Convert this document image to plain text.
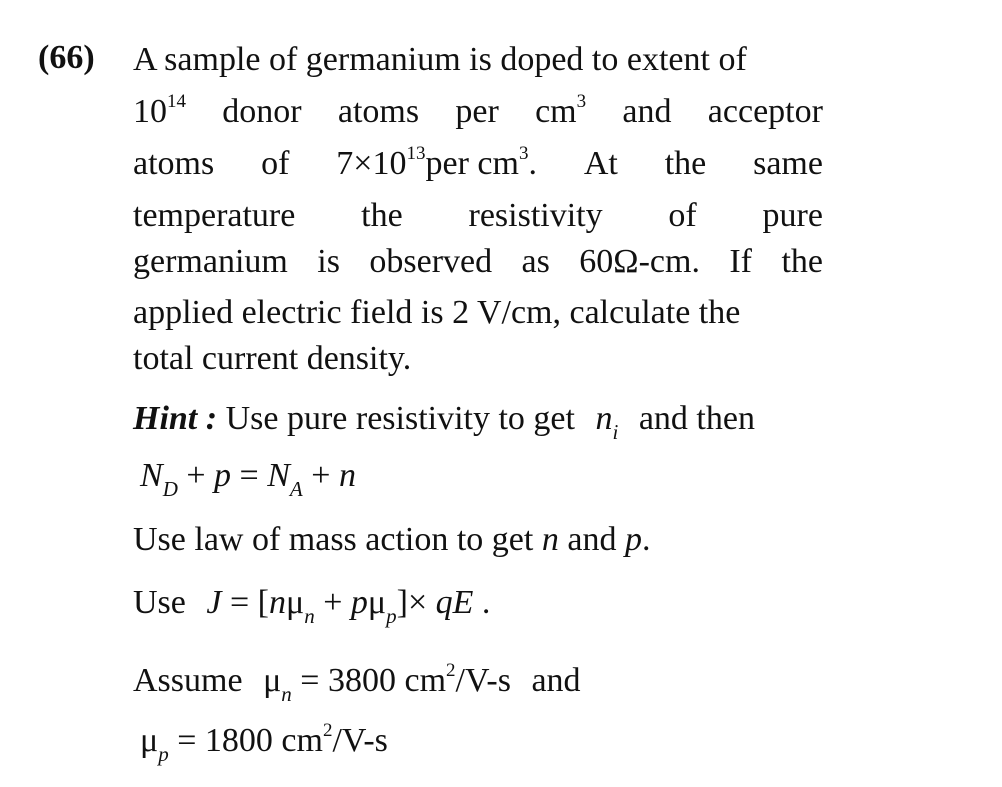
(66) A sample of germanium is doped to extent of
$10^{14}$ donor atoms per $cm^3$ and acceptor
atoms of $7\times 10^{13}per$ $cm^3$. At the same
temperature the resistivity of pure
germanium is observed as 60Ω-cm. If the
applied electric field is 2 V/cm, calculate the
total current density.
Hint : Use pure resistivity to get $n_i$ and then
$N_D + p = N_A + n$
Use law of mass action to get n and p.
Use $J = [n\mu_n + p\mu_p]\times$ qE .
Assume $\mu_n = 3800$ $cm^2/V-s$ and
$\mu_p = 1800$ $cm^2/V-s$
